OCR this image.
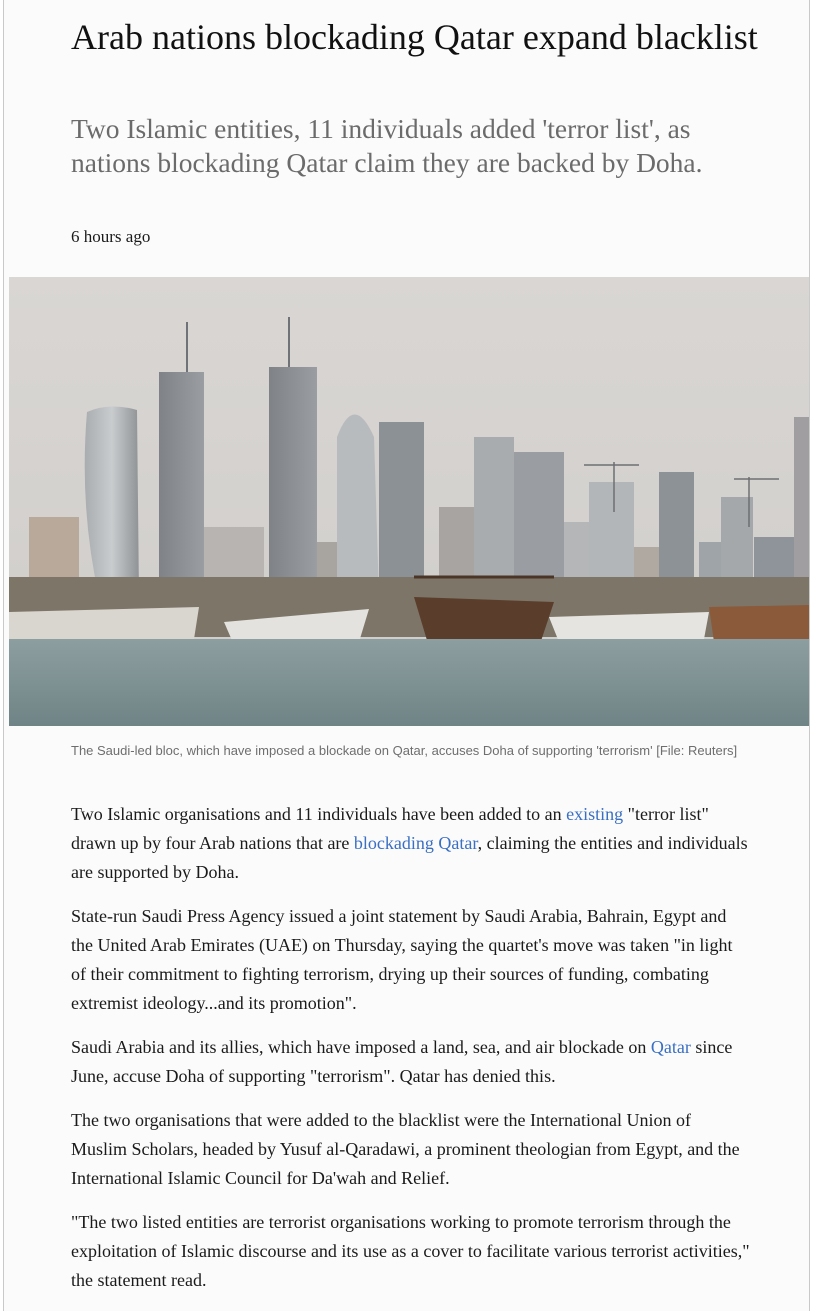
Arab nations blockading Qatar expand blacklist
Two Islamic entities, 11 individuals added 'terror list', as nations blockading Qatar claim they are backed by Doha.
6 hours ago
The Saudi-led bloc, which have imposed a blockade on Qatar, accuses Doha of supporting 'terrorism' [File: Reuters]

Two Islamic organisations and 11 individuals have been added to an existing "terror list" drawn up by four Arab nations that are blockading Qatar, claiming the entities and individuals are supported by Doha.

State-run Saudi Press Agency issued a joint statement by Saudi Arabia, Bahrain, Egypt and the United Arab Emirates (UAE) on Thursday, saying the quartet's move was taken "in light of their commitment to fighting terrorism, drying up their sources of funding, combating extremist ideology...and its promotion".

Saudi Arabia and its allies, which have imposed a land, sea, and air blockade on Qatar since June, accuse Doha of supporting "terrorism". Qatar has denied this.

The two organisations that were added to the blacklist were the International Union of Muslim Scholars, headed by Yusuf al-Qaradawi, a prominent theologian from Egypt, and the International Islamic Council for Da'wah and Relief.

"The two listed entities are terrorist organisations working to promote terrorism through the exploitation of Islamic discourse and its use as a cover to facilitate various terrorist activities," the statement read.
